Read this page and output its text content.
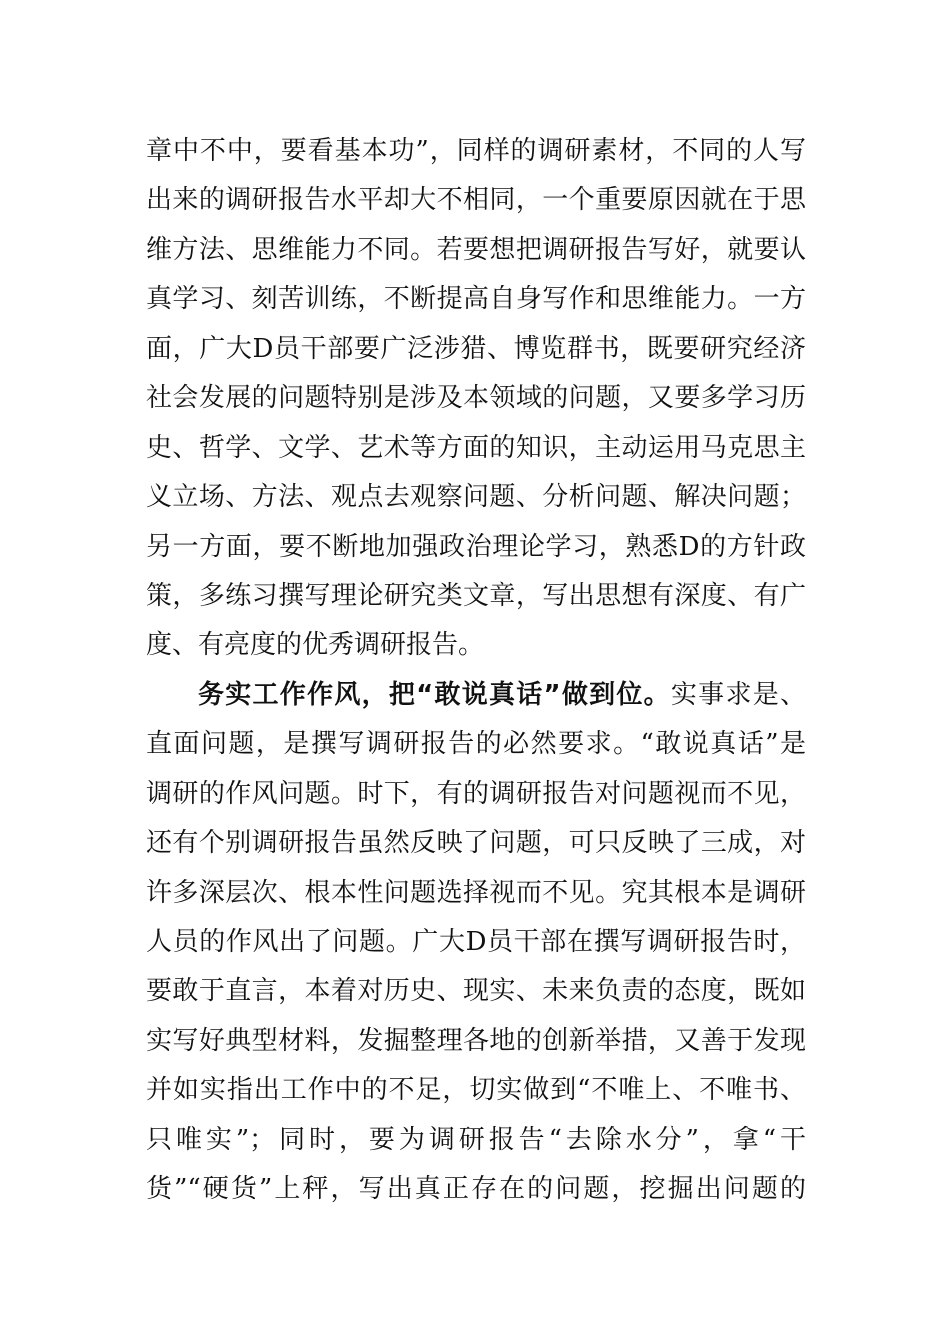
章中不中，要看基本功”，同样的调研素材，不同的人写
出来的调研报告水平却大不相同，一个重要原因就在于思
维方法、思维能力不同。若要想把调研报告写好，就要认
真学习、刻苦训练，不断提高自身写作和思维能力。一方
面，广大D员干部要广泛涉猎、博览群书，既要研究经济
社会发展的问题特别是涉及本领域的问题，又要多学习历
史、哲学、文学、艺术等方面的知识，主动运用马克思主
义立场、方法、观点去观察问题、分析问题、解决问题；
另一方面，要不断地加强政治理论学习，熟悉D的方针政
策，多练习撰写理论研究类文章，写出思想有深度、有广
度、有亮度的优秀调研报告。
务实工作作风，把“敢说真话”做到位。实事求是、
直面问题，是撰写调研报告的必然要求。“敢说真话”是
调研的作风问题。时下，有的调研报告对问题视而不见，
还有个别调研报告虽然反映了问题，可只反映了三成，对
许多深层次、根本性问题选择视而不见。究其根本是调研
人员的作风出了问题。广大D员干部在撰写调研报告时，
要敢于直言，本着对历史、现实、未来负责的态度，既如
实写好典型材料，发掘整理各地的创新举措，又善于发现
并如实指出工作中的不足，切实做到“不唯上、不唯书、
只唯实”；同时，要为调研报告“去除水分”，拿“干
货”“硬货”上秤，写出真正存在的问题，挖掘出问题的
